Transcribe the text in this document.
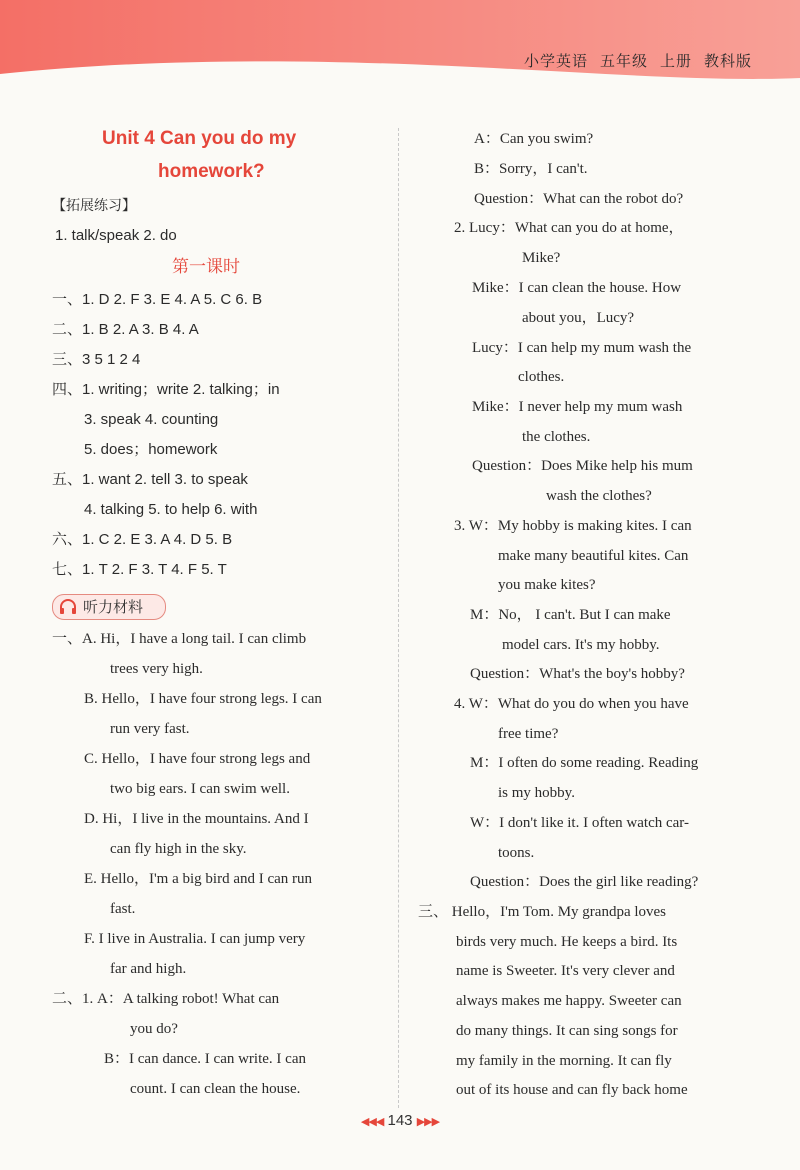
小学英语 五年级 上册 教科版
Unit 4 Can you do my
homework?
【拓展练习】
1. talk/speak 2. do
第一课时
一、1. D 2. F 3. E 4. A 5. C 6. B
二、1. B 2. A 3. B 4. A
三、3 5 1 2 4
四、1. writing；write 2. talking；in
3. speak 4. counting
5. does；homework
五、1. want 2. tell 3. to speak
4. talking 5. to help 6. with
六、1. C 2. E 3. A 4. D 5. B
七、1. T 2. F 3. T 4. F 5. T
听力材料
一、A. Hi，I have a long tail. I can climb
trees very high.
B. Hello，I have four strong legs. I can
run very fast.
C. Hello，I have four strong legs and
two big ears. I can swim well.
D. Hi，I live in the mountains. And I
can fly high in the sky.
E. Hello，I'm a big bird and I can run
fast.
F. I live in Australia. I can jump very
far and high.
二、1. A：A talking robot! What can
you do?
B：I can dance. I can write. I can
count. I can clean the house.
A：Can you swim?
B：Sorry，I can't.
Question：What can the robot do?
2. Lucy：What can you do at home，
Mike?
Mike：I can clean the house. How
about you，Lucy?
Lucy：I can help my mum wash the
clothes.
Mike：I never help my mum wash
the clothes.
Question：Does Mike help his mum
wash the clothes?
3. W：My hobby is making kites. I can
make many beautiful kites. Can
you make kites?
M：No， I can't. But I can make
model cars. It's my hobby.
Question：What's the boy's hobby?
4. W：What do you do when you have
free time?
M：I often do some reading. Reading
is my hobby.
W：I don't like it. I often watch car-
toons.
Question：Does the girl like reading?
三、 Hello，I'm Tom. My grandpa loves
birds very much. He keeps a bird. Its
name is Sweeter. It's very clever and
always makes me happy. Sweeter can
do many things. It can sing songs for
my family in the morning. It can fly
out of its house and can fly back home
◀◀◀ 143 ▶▶▶
